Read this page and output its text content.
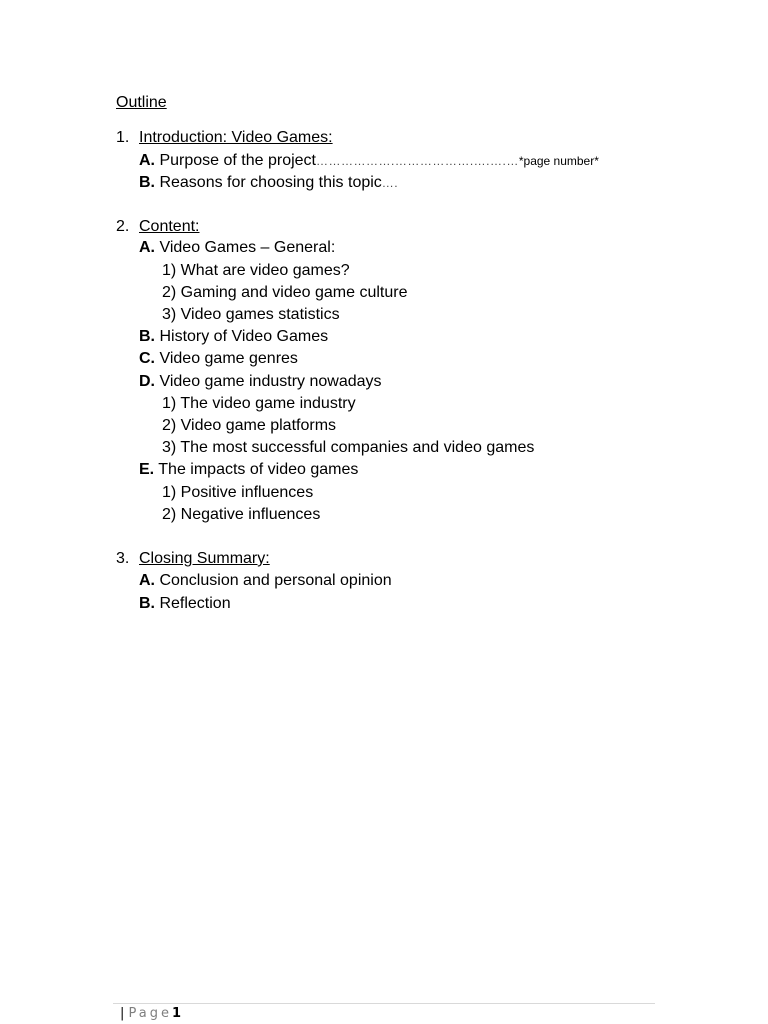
Outline
1. Introduction: Video Games:
A. Purpose of the project……………….……………….….….…*page number*
B. Reasons for choosing this topic….
2. Content:
A. Video Games – General:
1) What are video games?
2) Gaming and video game culture
3) Video games statistics
B. History of Video Games
C. Video game genres
D. Video game industry nowadays
1) The video game industry
2) Video game platforms
3) The most successful companies and video games
E. The impacts of video games
1) Positive influences
2) Negative influences
3. Closing Summary:
A. Conclusion and personal opinion
B. Reflection
| Page1
